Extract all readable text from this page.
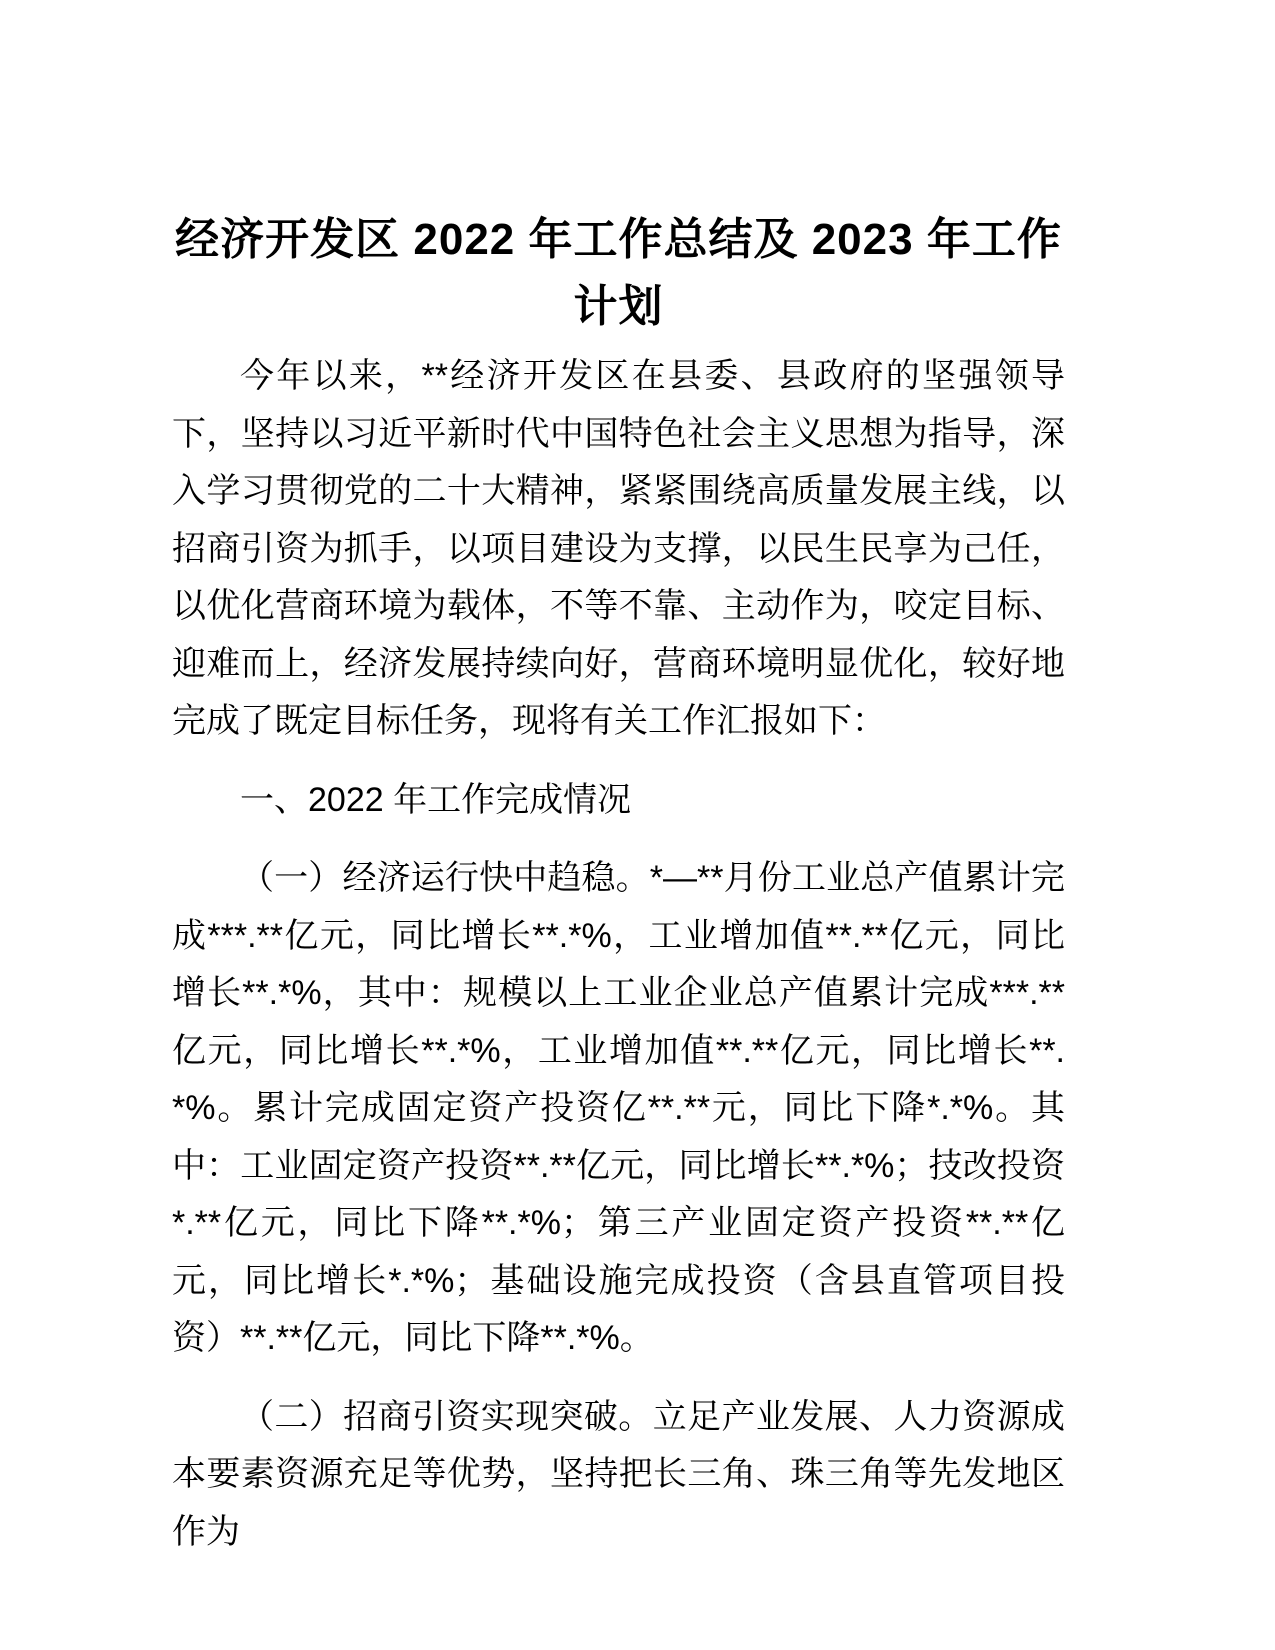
经济开发区 2022 年工作总结及 2023 年工作计划

今年以来，**经济开发区在县委、县政府的坚强领导下，坚持以习近平新时代中国特色社会主义思想为指导，深入学习贯彻党的二十大精神，紧紧围绕高质量发展主线，以招商引资为抓手，以项目建设为支撑，以民生民享为己任，以优化营商环境为载体，不等不靠、主动作为，咬定目标、迎难而上，经济发展持续向好，营商环境明显优化，较好地完成了既定目标任务，现将有关工作汇报如下：

一、2022 年工作完成情况

（一）经济运行快中趋稳。*—**月份工业总产值累计完成***.**亿元，同比增长**.*%，工业增加值**.**亿元，同比增长**.*%，其中：规模以上工业企业总产值累计完成***.**亿元，同比增长**.*%，工业增加值**.**亿元，同比增长**.*%。累计完成固定资产投资亿**.**元，同比下降*.*%。其中：工业固定资产投资**.**亿元，同比增长**.*%；技改投资*.**亿元，同比下降**.*%；第三产业固定资产投资**.**亿元，同比增长*.*%；基础设施完成投资（含县直管项目投资）**.**亿元，同比下降**.*%。

（二）招商引资实现突破。立足产业发展、人力资源成本要素资源充足等优势，坚持把长三角、珠三角等先发地区作为
